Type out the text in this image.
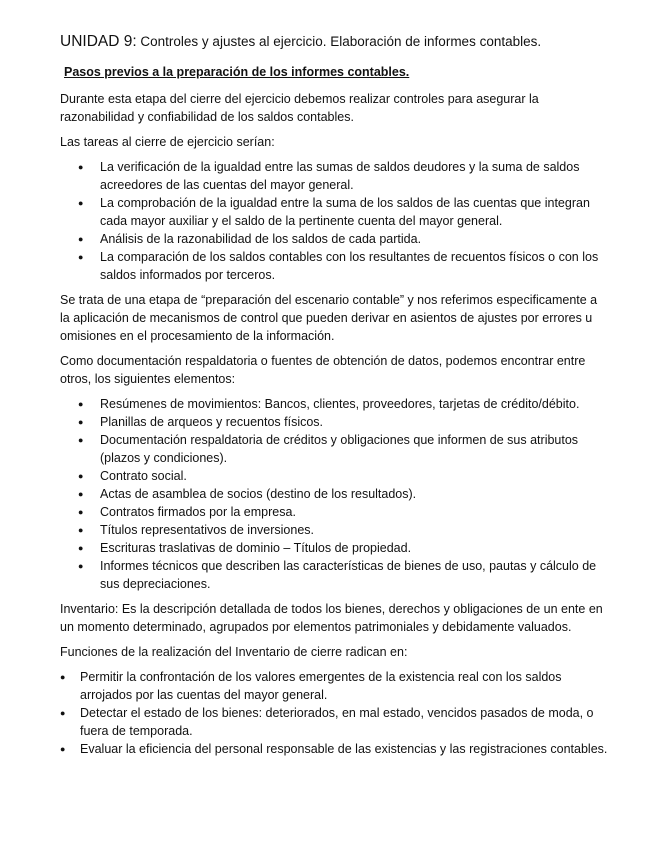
UNIDAD 9: Controles y ajustes al ejercicio. Elaboración de informes contables.
Pasos previos a la preparación de los informes contables.

Durante esta etapa del cierre del ejercicio debemos realizar controles para asegurar la razonabilidad y confiabilidad de los saldos contables.

Las tareas al cierre de ejercicio serían:

● La verificación de la igualdad entre las sumas de saldos deudores y la suma de saldos acreedores de las cuentas del mayor general.
● La comprobación de la igualdad entre la suma de los saldos de las cuentas que integran cada mayor auxiliar y el saldo de la pertinente cuenta del mayor general.
● Análisis de la razonabilidad de los saldos de cada partida.
● La comparación de los saldos contables con los resultantes de recuentos físicos o con los saldos informados por terceros.

Se trata de una etapa de “preparación del escenario contable” y nos referimos especificamente a la aplicación de mecanismos de control que pueden derivar en asientos de ajustes por errores u omisiones en el procesamiento de la información.

Como documentación respaldatoria o fuentes de obtención de datos, podemos encontrar entre otros, los siguientes elementos:

● Resúmenes de movimientos: Bancos, clientes, proveedores, tarjetas de crédito/débito.
● Planillas de arqueos y recuentos físicos.
● Documentación respaldatoria de créditos y obligaciones que informen de sus atributos (plazos y condiciones).
● Contrato social.
● Actas de asamblea de socios (destino de los resultados).
● Contratos firmados por la empresa.
● Títulos representativos de inversiones.
● Escrituras traslativas de dominio – Títulos de propiedad.
● Informes técnicos que describen las características de bienes de uso, pautas y cálculo de sus depreciaciones.

Inventario: Es la descripción detallada de todos los bienes, derechos y obligaciones de un ente en un momento determinado, agrupados por elementos patrimoniales y debidamente valuados.

Funciones de la realización del Inventario de cierre radican en:

● Permitir la confrontación de los valores emergentes de la existencia real con los saldos arrojados por las cuentas del mayor general.
● Detectar el estado de los bienes: deteriorados, en mal estado, vencidos pasados de moda, o fuera de temporada.
● Evaluar la eficiencia del personal responsable de las existencias y las registraciones contables.
